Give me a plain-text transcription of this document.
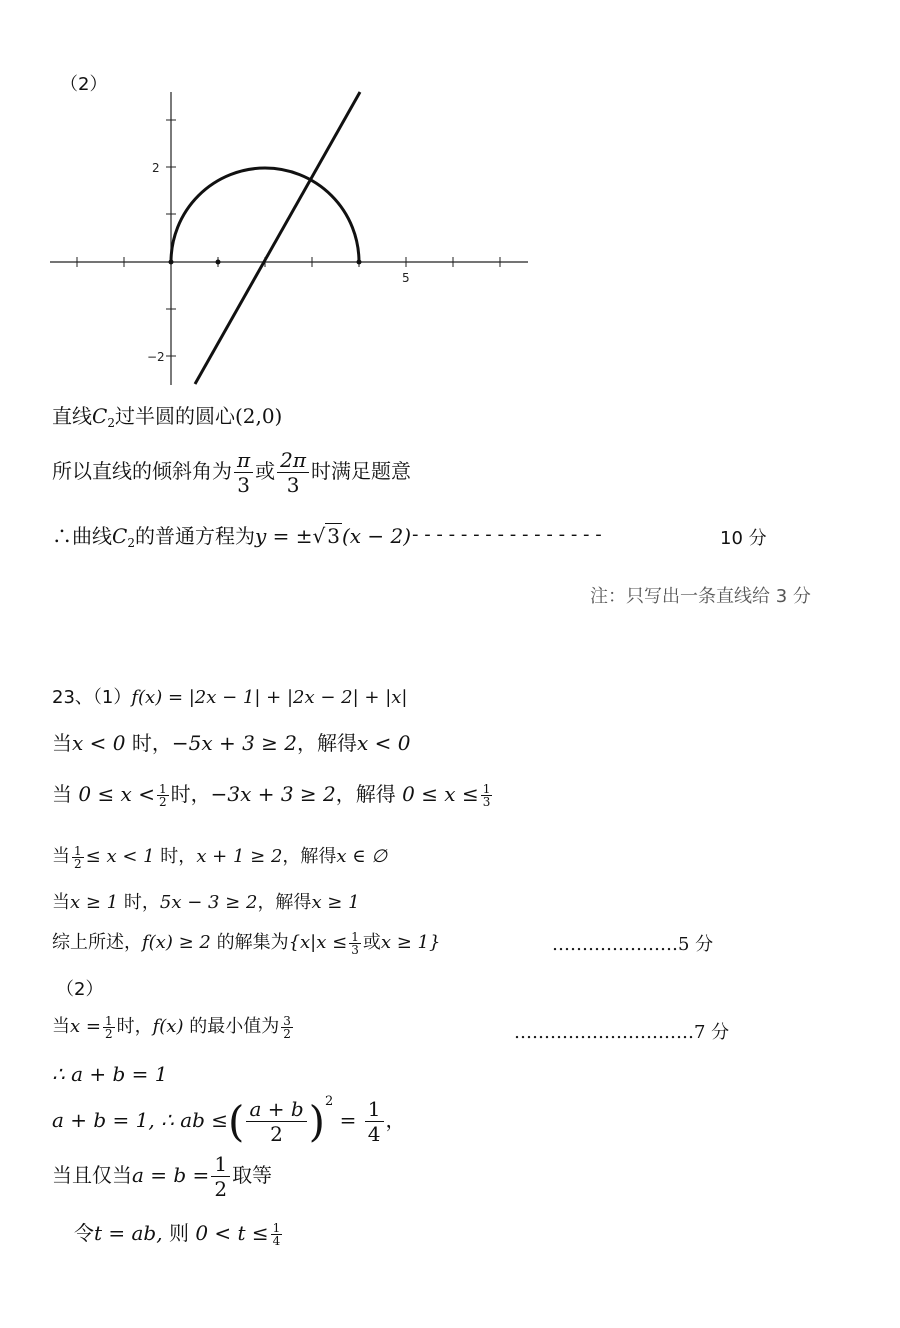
（2）
2
−2
5
直线$C_2$过半圆的圆心(2,0)
所以直线的倾斜角为 $\frac{\pi}{3}$ 或 $\frac{2\pi}{3}$ 时满足题意
∴曲线$C_2$的普通方程为y = ±√ 3 (x − 2) - - - - - - - - - - - - - - - -	10 分
注：只写出一条直线给 3 分
23、（1）f(x) = |2x − 1| + |2x − 2| + |x|
当x < 0 时，−5x + 3 ≥ 2，解得x < 0
当 $0 \le x < \frac{1}{2}$ 时，−3x + 3 ≥ 2，解得 $0 \le x \le \frac{1}{3}$
当 $\frac{1}{2} \le x < 1$ 时，x + 1 ≥ 2，解得x ∈ ∅
当x ≥ 1 时，5x − 3 ≥ 2，解得x ≥ 1
综上所述，f(x) ≥ 2 的解集为{$x|x \le \frac{1}{3}$ 或x ≥ 1}	…………………5 分
（2）
当$x = \frac{1}{2}$ 时，f(x) 的最小值为 $\frac{3}{2}$	…………………………7 分
∴ a + b = 1
a + b = 1, ∴ ab ≤( $\frac{a + b}{2} )^2 = \frac{1}{4}$ ，
当且仅当$a = b = \frac{1}{2}$ 取等
令t = ab, 则 $0 < t \le \frac{1}{4}$
